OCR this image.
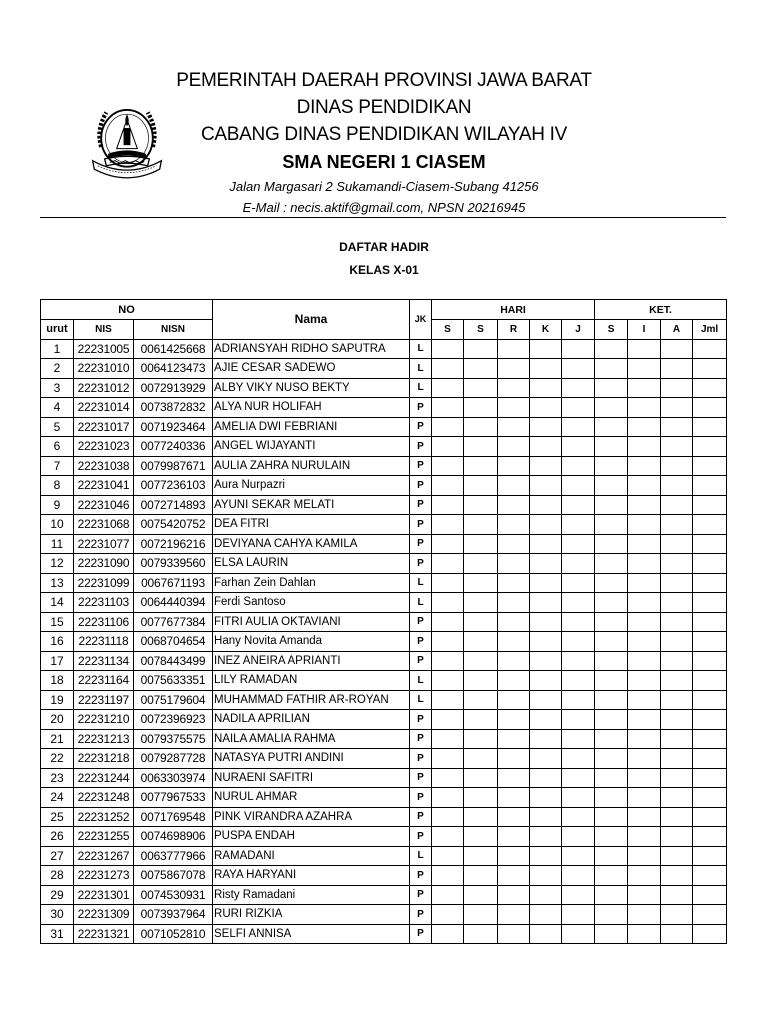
PEMERINTAH DAERAH PROVINSI JAWA BARAT
DINAS PENDIDIKAN
CABANG DINAS PENDIDIKAN WILAYAH IV
SMA NEGERI 1 CIASEM
Jalan Margasari 2 Sukamandi-Ciasem-Subang 41256
E-Mail : necis.aktif@gmail.com, NPSN 20216945
DAFTAR HADIR
KELAS X-01
NO			Nama	JK	HARI					KET.			
urut	NIS	NISN			S	S	R	K	J	S	I	A	Jml
1	22231005	0061425668	ADRIANSYAH RIDHO SAPUTRA	L									
2	22231010	0064123473	AJIE CESAR SADEWO	L									
3	22231012	0072913929	ALBY VIKY NUSO BEKTY	L									
4	22231014	0073872832	ALYA NUR HOLIFAH	P									
5	22231017	0071923464	AMELIA DWI FEBRIANI	P									
6	22231023	0077240336	ANGEL WIJAYANTI	P									
7	22231038	0079987671	AULIA ZAHRA NURULAIN	P									
8	22231041	0077236103	Aura Nurpazri	P									
9	22231046	0072714893	AYUNI SEKAR MELATI	P									
10	22231068	0075420752	DEA FITRI	P									
11	22231077	0072196216	DEVIYANA CAHYA KAMILA	P									
12	22231090	0079339560	ELSA LAURIN	P									
13	22231099	0067671193	Farhan Zein Dahlan	L									
14	22231103	0064440394	Ferdi Santoso	L									
15	22231106	0077677384	FITRI AULIA OKTAVIANI	P									
16	22231118	0068704654	Hany Novita Amanda	P									
17	22231134	0078443499	INEZ ANEIRA APRIANTI	P									
18	22231164	0075633351	LILY RAMADAN	L									
19	22231197	0075179604	MUHAMMAD FATHIR AR-ROYAN	L									
20	22231210	0072396923	NADILA APRILIAN	P									
21	22231213	0079375575	NAILA AMALIA RAHMA	P									
22	22231218	0079287728	NATASYA PUTRI ANDINI	P									
23	22231244	0063303974	NURAENI SAFITRI	P									
24	22231248	0077967533	NURUL AHMAR	P									
25	22231252	0071769548	PINK VIRANDRA AZAHRA	P									
26	22231255	0074698906	PUSPA ENDAH	P									
27	22231267	0063777966	RAMADANI	L									
28	22231273	0075867078	RAYA HARYANI	P									
29	22231301	0074530931	Risty Ramadani	P									
30	22231309	0073937964	RURI RIZKIA	P									
31	22231321	0071052810	SELFI ANNISA	P									
